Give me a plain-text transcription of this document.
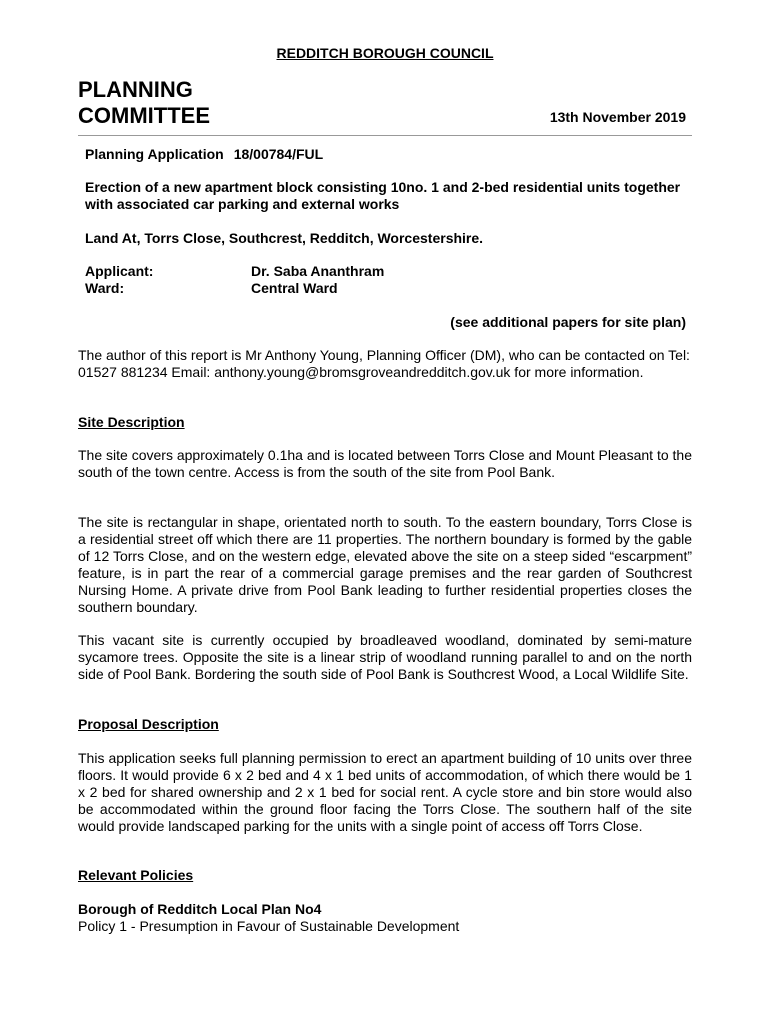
REDDITCH BOROUGH COUNCIL
PLANNING
COMMITTEE	13th November 2019
Planning Application 18/00784/FUL
Erection of a new apartment block consisting 10no. 1 and 2-bed residential units together with associated car parking and external works
Land At, Torrs Close, Southcrest, Redditch, Worcestershire.
Applicant:	Dr. Saba Ananthram
Ward:	Central Ward
(see additional papers for site plan)
The author of this report is Mr Anthony Young, Planning Officer (DM), who can be contacted on Tel: 01527 881234 Email: anthony.young@bromsgroveandredditch.gov.uk for more information.
Site Description
The site covers approximately 0.1ha and is located between Torrs Close and Mount Pleasant to the south of the town centre. Access is from the south of the site from Pool Bank.
The site is rectangular in shape, orientated north to south. To the eastern boundary, Torrs Close is a residential street off which there are 11 properties. The northern boundary is formed by the gable of 12 Torrs Close, and on the western edge, elevated above the site on a steep sided “escarpment” feature, is in part the rear of a commercial garage premises and the rear garden of Southcrest Nursing Home. A private drive from Pool Bank leading to further residential properties closes the southern boundary.
This vacant site is currently occupied by broadleaved woodland, dominated by semi-mature sycamore trees. Opposite the site is a linear strip of woodland running parallel to and on the north side of Pool Bank. Bordering the south side of Pool Bank is Southcrest Wood, a Local Wildlife Site.
Proposal Description
This application seeks full planning permission to erect an apartment building of 10 units over three floors. It would provide 6 x 2 bed and 4 x 1 bed units of accommodation, of which there would be 1 x 2 bed for shared ownership and 2 x 1 bed for social rent. A cycle store and bin store would also be accommodated within the ground floor facing the Torrs Close. The southern half of the site would provide landscaped parking for the units with a single point of access off Torrs Close.
Relevant Policies
Borough of Redditch Local Plan No4
Policy 1 - Presumption in Favour of Sustainable Development
